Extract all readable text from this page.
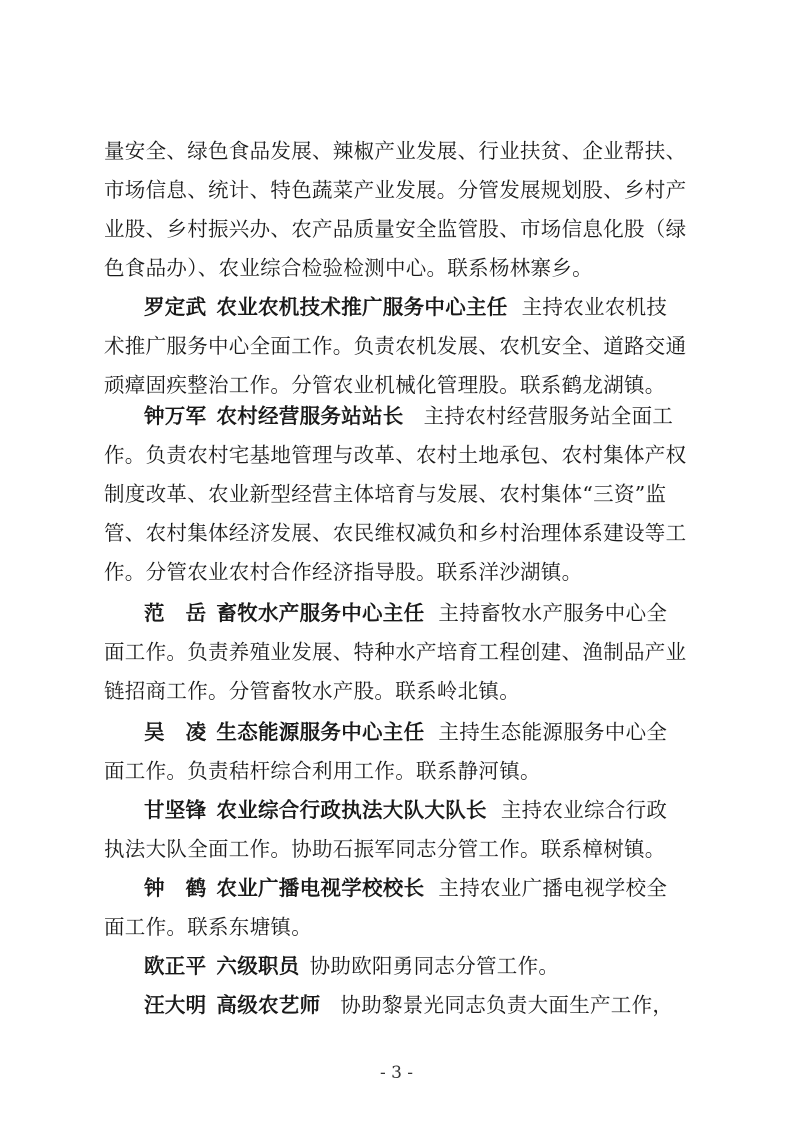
量安全、绿色食品发展、辣椒产业发展、行业扶贫、企业帮扶、
市场信息、统计、特色蔬菜产业发展。分管发展规划股、乡村产
业股、乡村振兴办、农产品质量安全监管股、市场信息化股（绿
色食品办）、农业综合检验检测中心。联系杨林寨乡。
罗定武 农业农机技术推广服务中心主任 主持农业农机技
术推广服务中心全面工作。负责农机发展、农机安全、道路交通
顽瘴固疾整治工作。分管农业机械化管理股。联系鹤龙湖镇。
钟万军 农村经营服务站站长 主持农村经营服务站全面工
作。负责农村宅基地管理与改革、农村土地承包、农村集体产权
制度改革、农业新型经营主体培育与发展、农村集体“三资”监
管、农村集体经济发展、农民维权减负和乡村治理体系建设等工
作。分管农业农村合作经济指导股。联系洋沙湖镇。
范　岳 畜牧水产服务中心主任 主持畜牧水产服务中心全
面工作。负责养殖业发展、特种水产培育工程创建、渔制品产业
链招商工作。分管畜牧水产股。联系岭北镇。
吴　凌 生态能源服务中心主任 主持生态能源服务中心全
面工作。负责秸杆综合利用工作。联系静河镇。
甘坚锋 农业综合行政执法大队大队长 主持农业综合行政
执法大队全面工作。协助石振军同志分管工作。联系樟树镇。
钟　鹤 农业广播电视学校校长 主持农业广播电视学校全
面工作。联系东塘镇。
欧正平 六级职员 协助欧阳勇同志分管工作。
- 3 -
汪大明 高级农艺师 协助黎景光同志负责大面生产工作，
